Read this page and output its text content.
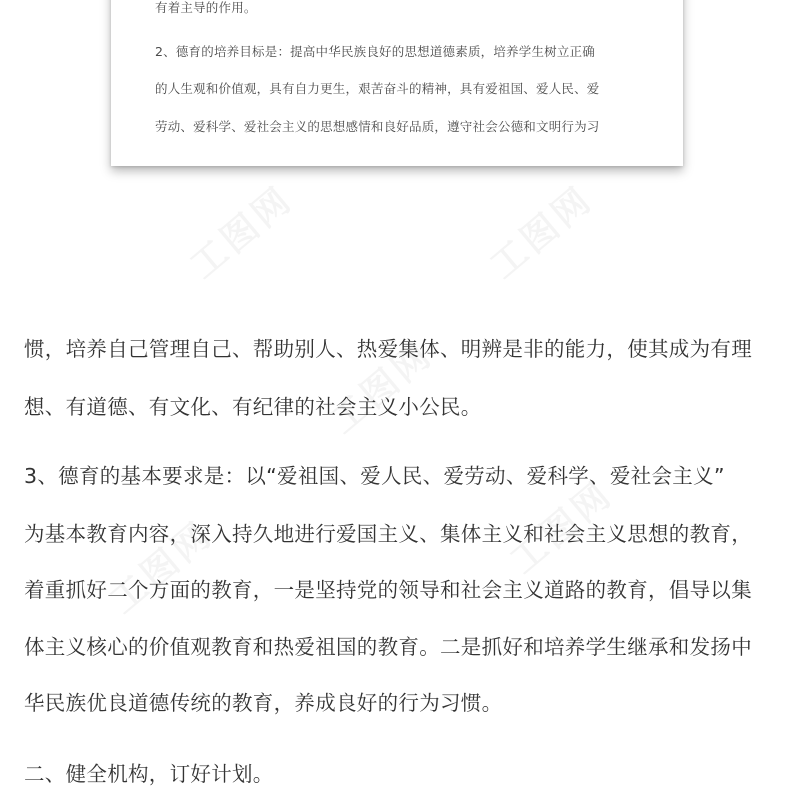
有着主导的作用。
2、德育的培养目标是：提高中华民族良好的思想道德素质，培养学生树立正确
的人生观和价值观，具有自力更生，艰苦奋斗的精神，具有爱祖国、爱人民、爱
劳动、爱科学、爱社会主义的思想感情和良好品质，遵守社会公德和文明行为习
惯，培养自己管理自己、帮助别人、热爱集体、明辨是非的能力，使其成为有理
想、有道德、有文化、有纪律的社会主义小公民。
3、德育的基本要求是：以“爱祖国、爱人民、爱劳动、爱科学、爱社会主义”
为基本教育内容，深入持久地进行爱国主义、集体主义和社会主义思想的教育，
着重抓好二个方面的教育，一是坚持党的领导和社会主义道路的教育，倡导以集
体主义核心的价值观教育和热爱祖国的教育。二是抓好和培养学生继承和发扬中
华民族优良道德传统的教育，养成良好的行为习惯。
二、健全机构，订好计划。
